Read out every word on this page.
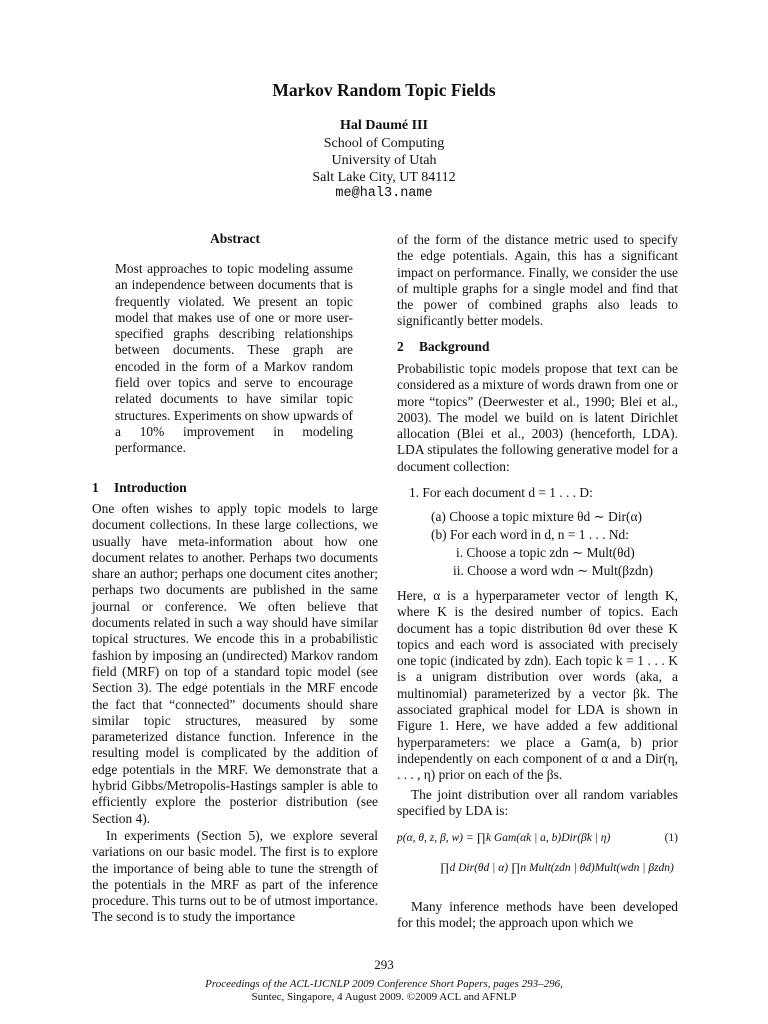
Markov Random Topic Fields
Hal Daumé III
School of Computing
University of Utah
Salt Lake City, UT 84112
me@hal3.name
Abstract

Most approaches to topic modeling assume an independence between documents that is frequently violated. We present an topic model that makes use of one or more user-specified graphs describing relationships between documents. These graph are encoded in the form of a Markov random field over topics and serve to encourage related documents to have similar topic structures. Experiments on show upwards of a 10% improvement in modeling performance.

1 Introduction

One often wishes to apply topic models to large document collections. In these large collections, we usually have meta-information about how one document relates to another. Perhaps two documents share an author; perhaps one document cites another; perhaps two documents are published in the same journal or conference. We often believe that documents related in such a way should have similar topical structures. We encode this in a probabilistic fashion by imposing an (undirected) Markov random field (MRF) on top of a standard topic model (see Section 3). The edge potentials in the MRF encode the fact that “connected” documents should share similar topic structures, measured by some parameterized distance function. Inference in the resulting model is complicated by the addition of edge potentials in the MRF. We demonstrate that a hybrid Gibbs/Metropolis-Hastings sampler is able to efficiently explore the posterior distribution (see Section 4).

In experiments (Section 5), we explore several variations on our basic model. The first is to explore the importance of being able to tune the strength of the potentials in the MRF as part of the inference procedure. This turns out to be of utmost importance. The second is to study the importance

of the form of the distance metric used to specify the edge potentials. Again, this has a significant impact on performance. Finally, we consider the use of multiple graphs for a single model and find that the power of combined graphs also leads to significantly better models.

2 Background

Probabilistic topic models propose that text can be considered as a mixture of words drawn from one or more “topics” (Deerwester et al., 1990; Blei et al., 2003). The model we build on is latent Dirichlet allocation (Blei et al., 2003) (henceforth, LDA). LDA stipulates the following generative model for a document collection:

1. For each document d = 1 . . . D:
(a) Choose a topic mixture θd ∼ Dir(α)
(b) For each word in d, n = 1 . . . Nd:
i. Choose a topic zdn ∼ Mult(θd)
ii. Choose a word wdn ∼ Mult(βzdn)

Here, α is a hyperparameter vector of length K, where K is the desired number of topics. Each document has a topic distribution θd over these K topics and each word is associated with precisely one topic (indicated by zdn). Each topic k = 1 . . . K is a unigram distribution over words (aka, a multinomial) parameterized by a vector βk. The associated graphical model for LDA is shown in Figure 1. Here, we have added a few additional hyperparameters: we place a Gam(a, b) prior independently on each component of α and a Dir(η, . . . , η) prior on each of the βs.

The joint distribution over all random variables specified by LDA is:

p(α, θ, z, β, w) = ∏k Gam(αk | a, b)Dir(βk | η)	(1)
∏d Dir(θd | α) ∏n Mult(zdn | θd)Mult(wdn | βzdn)

Many inference methods have been developed for this model; the approach upon which we

293
Proceedings of the ACL-IJCNLP 2009 Conference Short Papers, pages 293–296,
Suntec, Singapore, 4 August 2009. ©2009 ACL and AFNLP
